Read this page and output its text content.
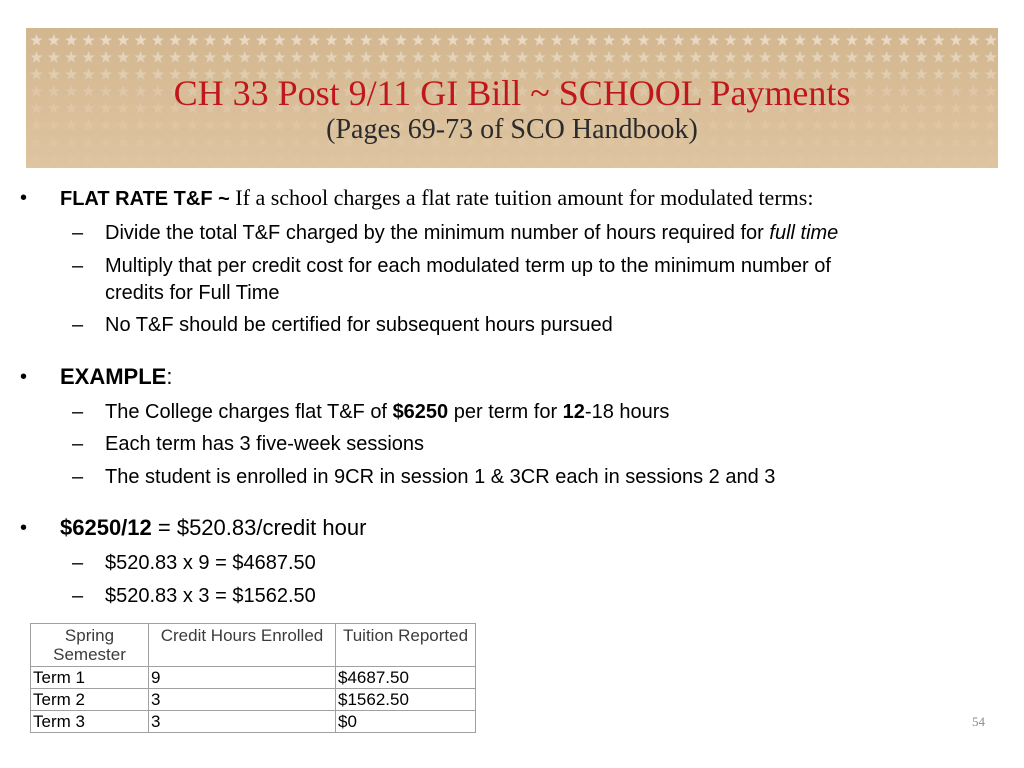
CH 33 Post 9/11 GI Bill ~ SCHOOL Payments
(Pages 69-73 of SCO Handbook)
• FLAT RATE T&F ~ If a school charges a flat rate tuition amount for modulated terms:
– Divide the total T&F charged by the minimum number of hours required for full time
– Multiply that per credit cost for each modulated term up to the minimum number of credits for Full Time
– No T&F should be certified for subsequent hours pursued
• EXAMPLE:
– The College charges flat T&F of $6250 per term for 12-18 hours
– Each term has 3 five-week sessions
– The student is enrolled in 9CR in session 1 & 3CR each in sessions 2 and 3
• $6250/12 = $520.83/credit hour
– $520.83 x 9 = $4687.50
– $520.83 x 3 = $1562.50
Spring Semester	Credit Hours Enrolled	Tuition Reported
Term 1	9	$4687.50
Term 2	3	$1562.50
Term 3	3	$0	54
